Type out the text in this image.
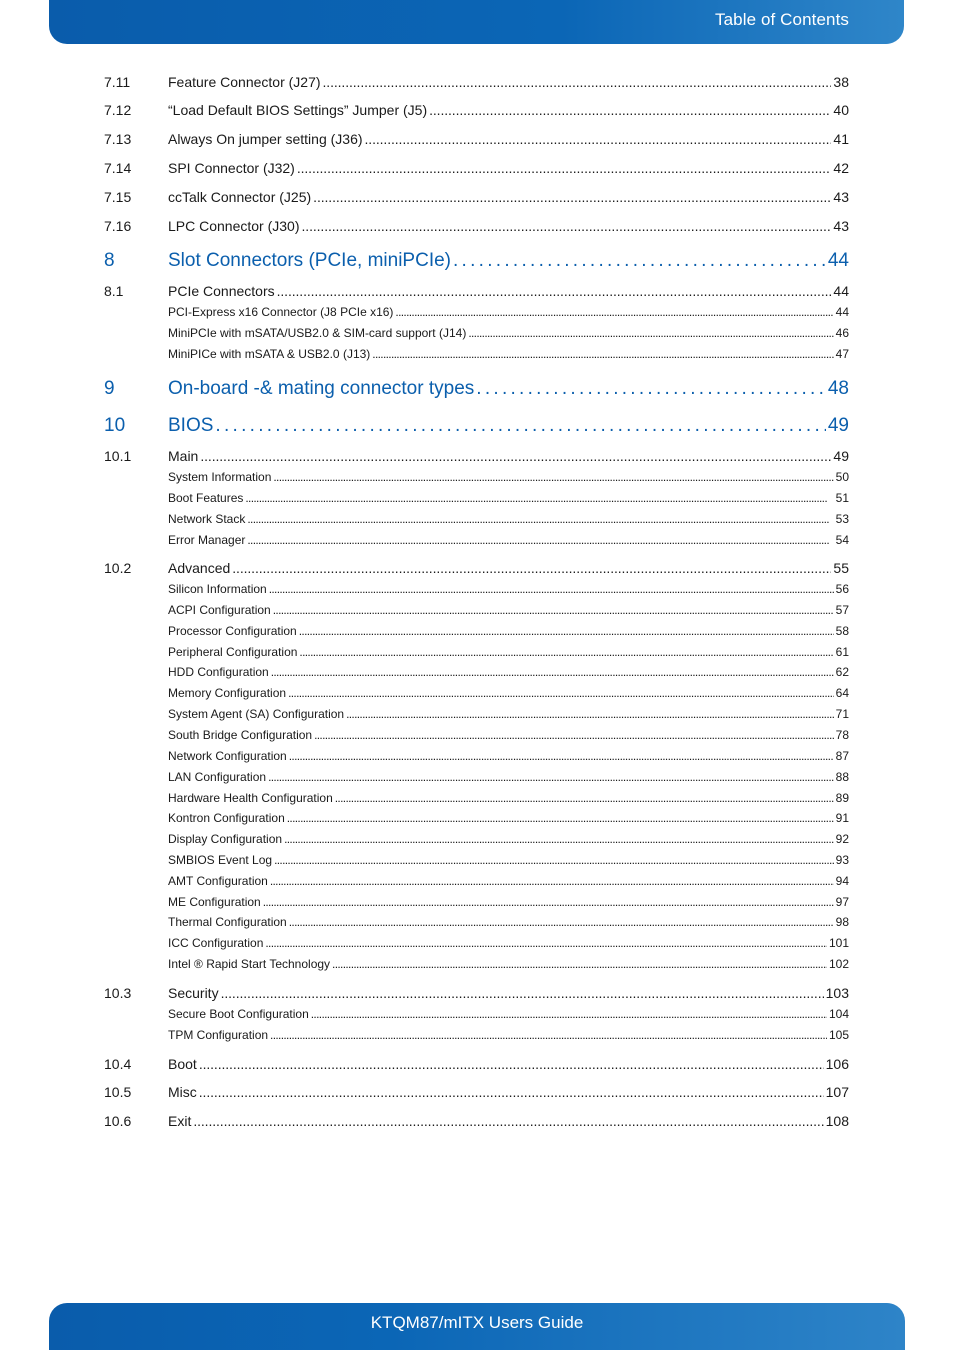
Table of Contents
7.11	Feature Connector (J27) . . .	38
7.12	“Load Default BIOS Settings” Jumper (J5) . . .	40
7.13	Always On jumper setting (J36) . . .	41
7.14	SPI Connector (J32) . . .	42
7.15	ccTalk Connector (J25) . . .	43
7.16	LPC Connector (J30) . . .	43
8	Slot Connectors (PCIe, miniPCIe) . . .	44
8.1	PCIe Connectors . . .	44
PCI-Express x16 Connector (J8 PCIe x16) . . .	44
MiniPCIe with mSATA/USB2.0 & SIM-card support (J14) . . .	46
MiniPICe with mSATA & USB2.0 (J13) . . .	47
9	On-board -& mating connector types . . .	48
10	BIOS . . .	49
10.1	Main . . .	49
System Information . . .	50
Boot Features . . .	51
Network Stack . . .	53
Error Manager . . .	54
10.2	Advanced . . .	55
Silicon Information . . .	56
ACPI Configuration . . .	57
Processor Configuration . . .	58
Peripheral Configuration . . .	61
HDD Configuration . . .	62
Memory Configuration . . .	64
System Agent (SA) Configuration . . .	71
South Bridge Configuration . . .	78
Network Configuration . . .	87
LAN Configuration . . .	88
Hardware Health Configuration . . .	89
Kontron Configuration . . .	91
Display Configuration . . .	92
SMBIOS Event Log . . .	93
AMT Configuration . . .	94
ME Configuration . . .	97
Thermal Configuration . . .	98
ICC Configuration . . .	101
Intel ® Rapid Start Technology . . .	102
10.3	Security . . .	103
Secure Boot Configuration . . .	104
TPM Configuration . . .	105
10.4	Boot . . .	106
10.5	Misc . . .	107
10.6	Exit . . .	108
KTQM87/mITX Users Guide
